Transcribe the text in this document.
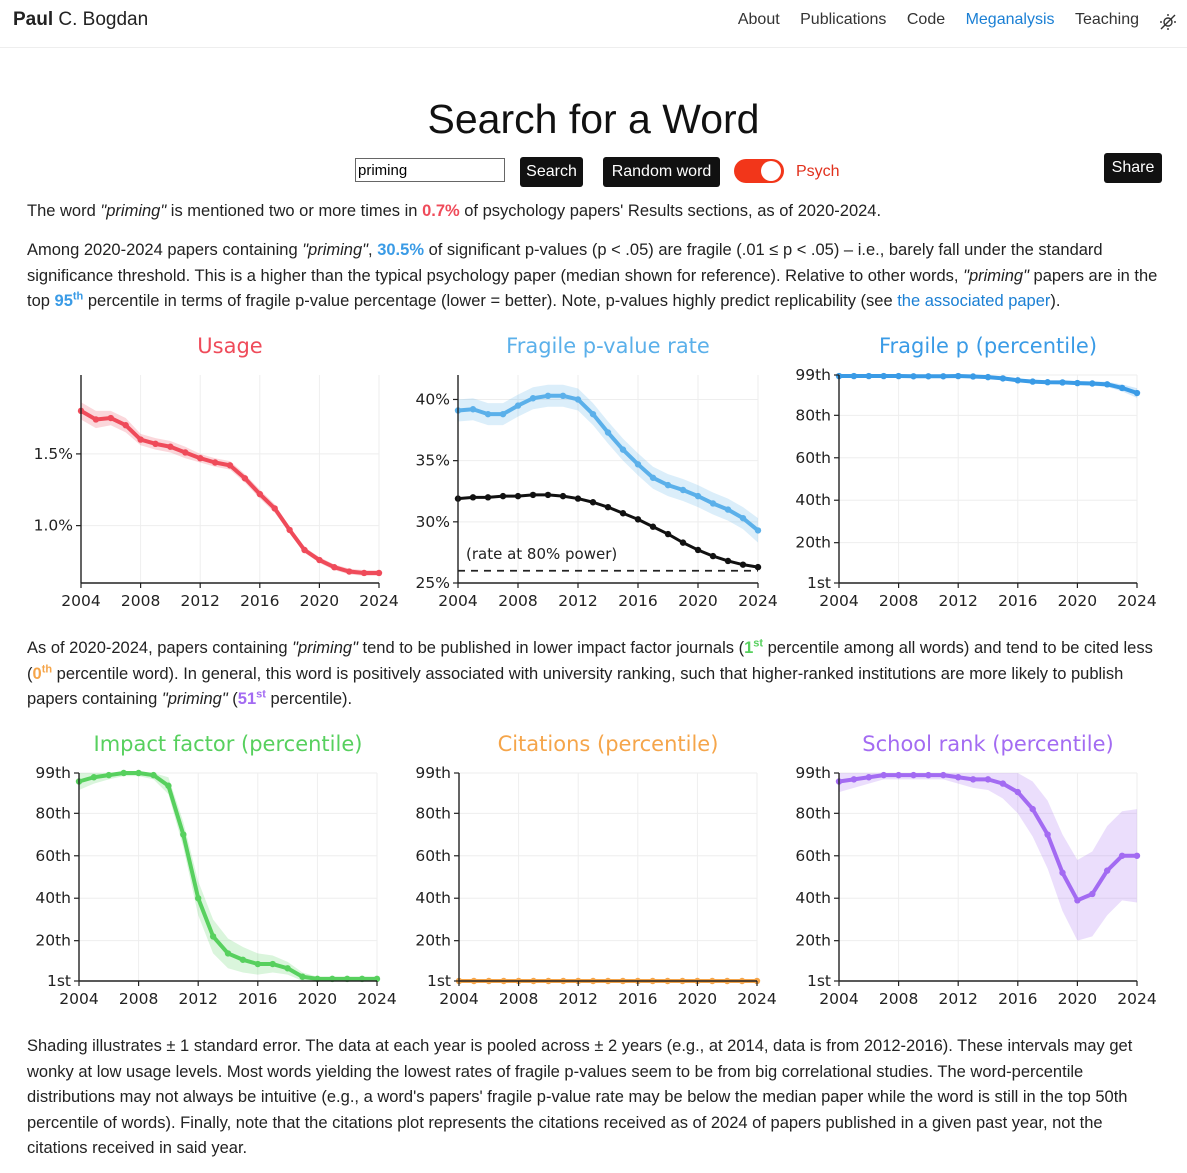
Paul C. Bogdan	About Publications Code Meganalysis Teaching
Search for a Word
priming
Search	Random word	Psych	Share
The word "priming" is mentioned two or more times in 0.7% of psychology papers' Results sections, as of 2020-2024.
Among 2020-2024 papers containing "priming", 30.5% of significant p-values (p < .05) are fragile (.01 ≤ p < .05) – i.e., barely fall under the standard significance threshold. This is a higher than the typical psychology paper (median shown for reference). Relative to other words, "priming" papers are in the top 95th percentile in terms of fragile p-value percentage (lower = better). Note, p-values highly predict replicability (see the associated paper).
Usage
2004 2008 2012 2016 2020 2024
1.0%
1.5%
Fragile p-value rate
(rate at 80% power)
2004 2008 2012 2016 2020 2024
25%
30%
35%
40%
Fragile p (percentile)
2004 2008 2012 2016 2020 2024
1st
20th
40th
60th
80th
99th
As of 2020-2024, papers containing "priming" tend to be published in lower impact factor journals (1st percentile among all words) and tend to be cited less (0th percentile word). In general, this word is positively associated with university ranking, such that higher-ranked institutions are more likely to publish papers containing "priming" (51st percentile).
Impact factor (percentile)
2004 2008 2012 2016 2020 2024
1st
20th
40th
60th
80th
99th
Citations (percentile)
2004 2008 2012 2016 2020 2024
1st
20th
40th
60th
80th
99th
School rank (percentile)
2004 2008 2012 2016 2020 2024
1st
20th
40th
60th
80th
99th
Shading illustrates ± 1 standard error. The data at each year is pooled across ± 2 years (e.g., at 2014, data is from 2012-2016). These intervals may get wonky at low usage levels. Most words yielding the lowest rates of fragile p-values seem to be from big correlational studies. The word-percentile distributions may not always be intuitive (e.g., a word's papers' fragile p-value rate may be below the median paper while the word is still in the top 50th percentile of words). Finally, note that the citations plot represents the citations received as of 2024 of papers published in a given past year, not the citations received in said year.
